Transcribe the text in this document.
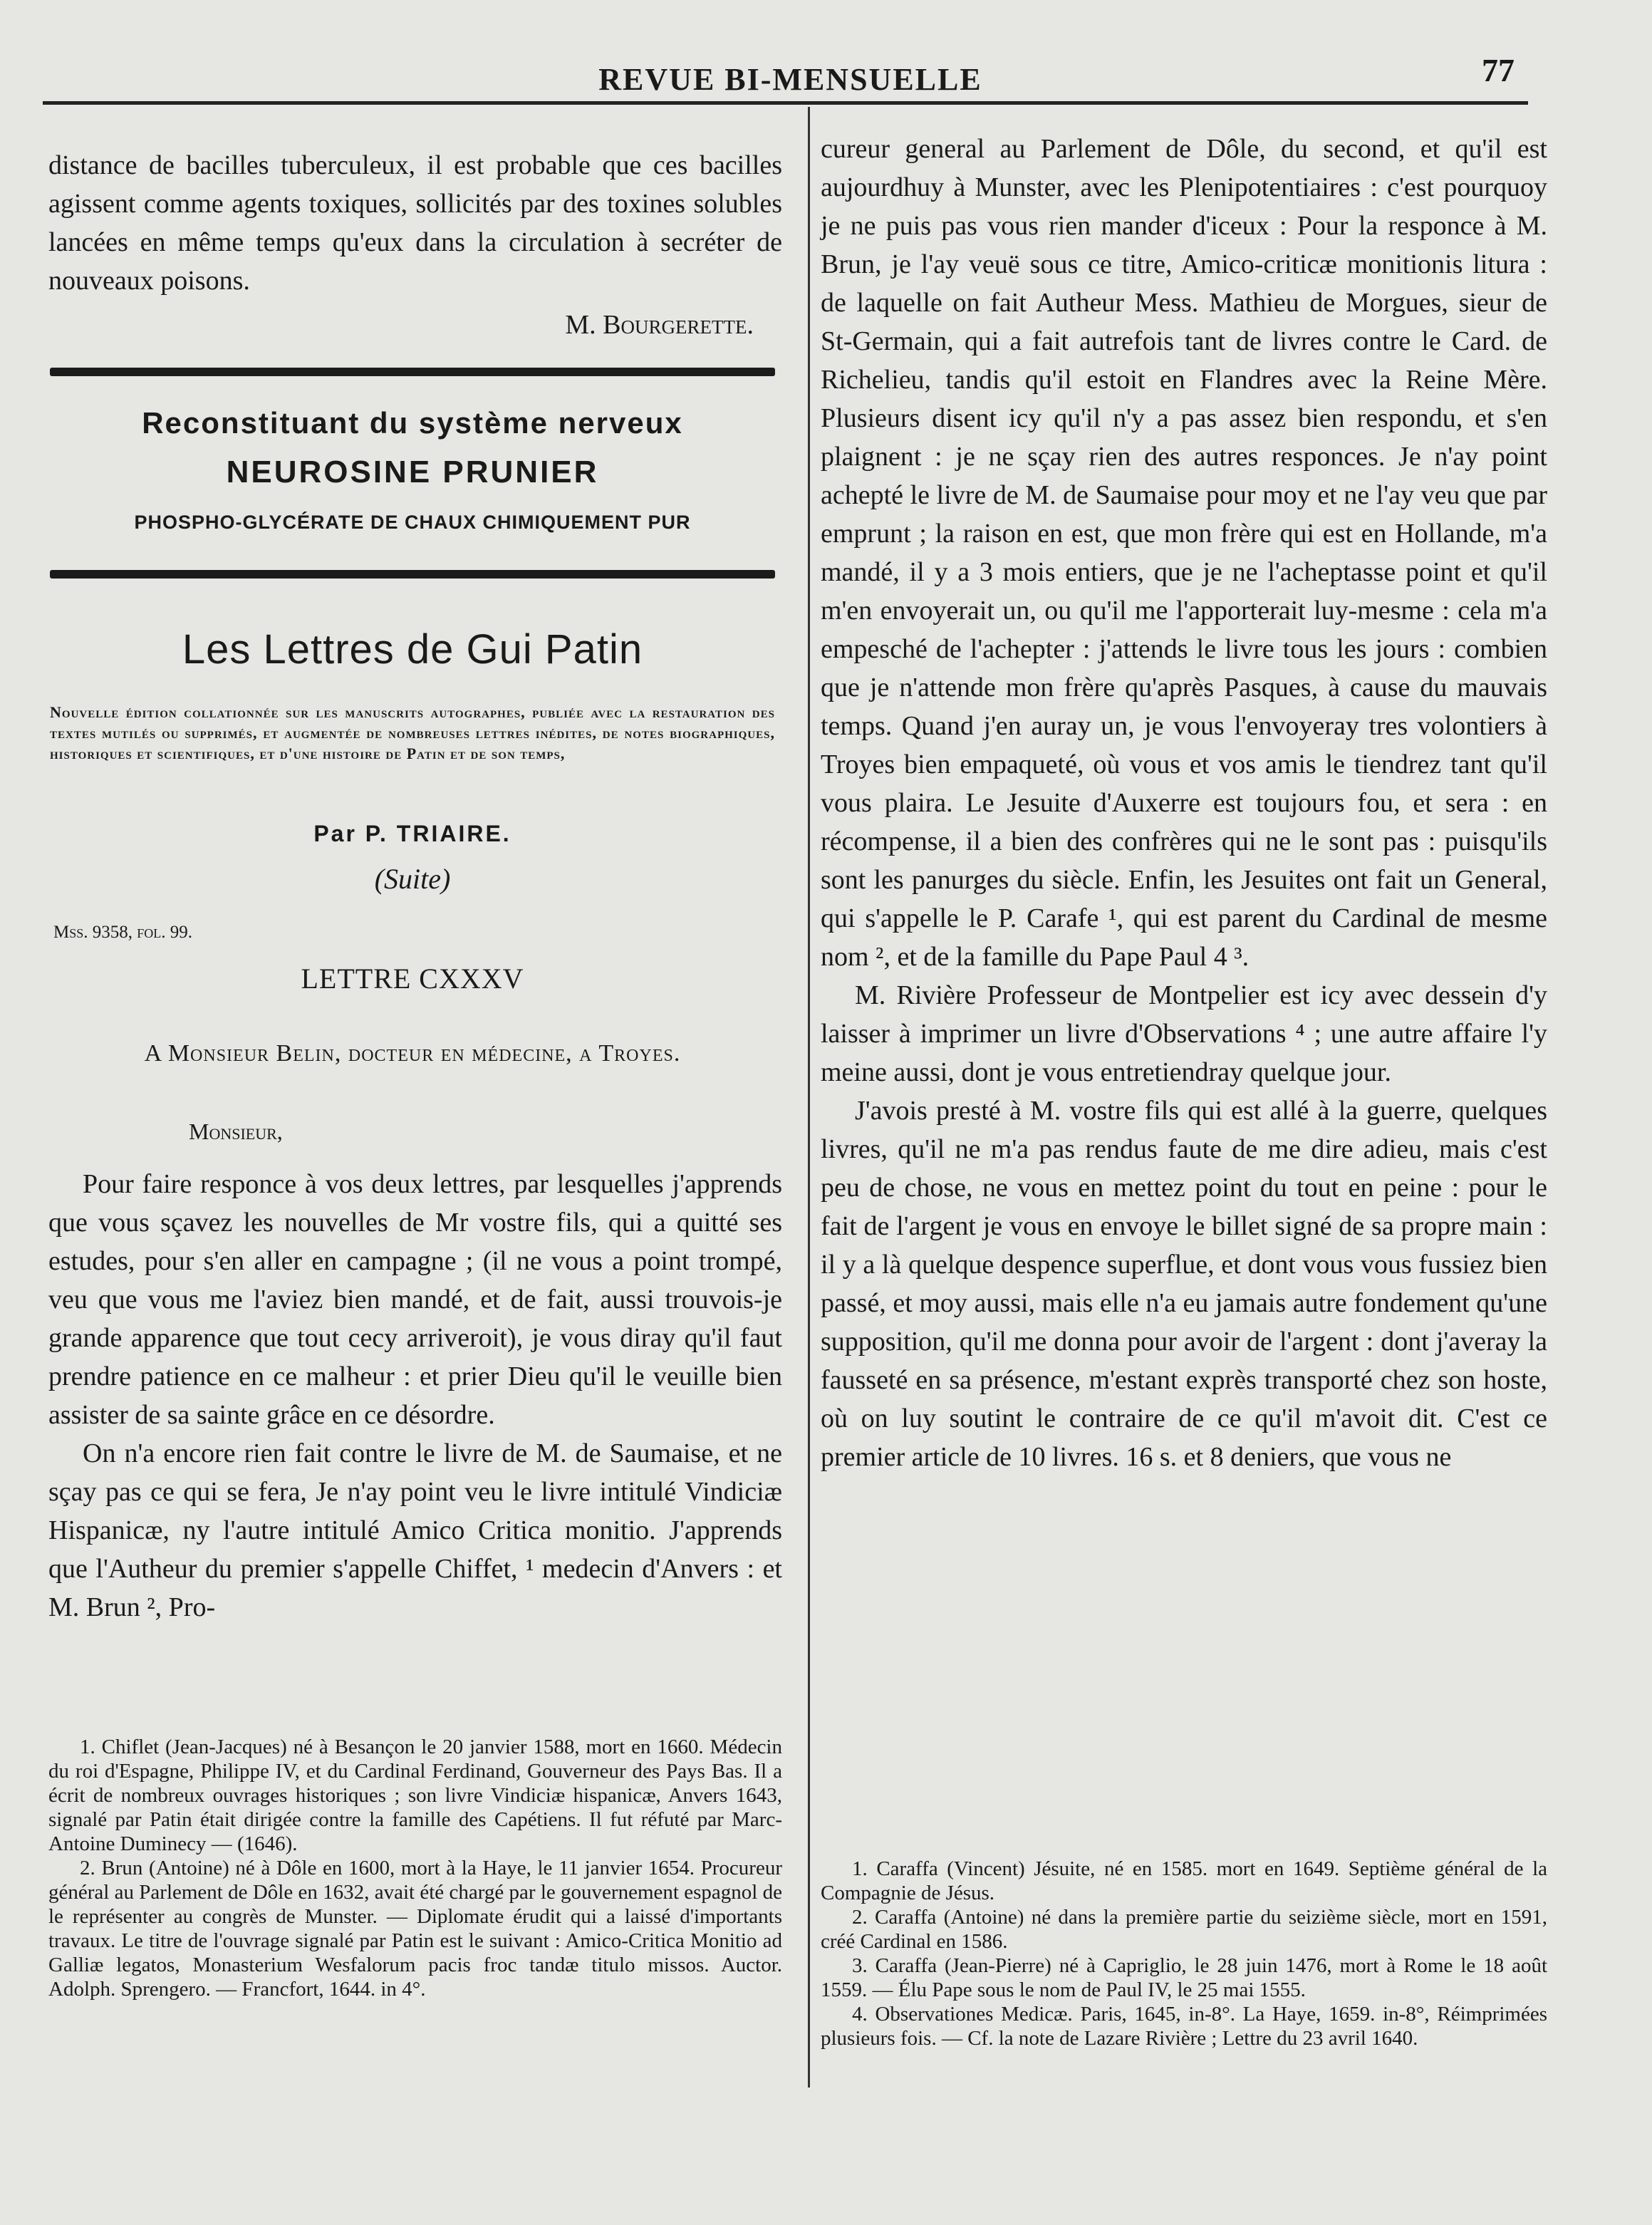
REVUE BI-MENSUELLE	77

distance de bacilles tuberculeux, il est probable que ces bacilles agissent comme agents toxiques, sollicités par des toxines solubles lancées en même temps qu'eux dans la circulation à secréter de nouveaux poisons.

M. Bourgerette.

Reconstituant du système nerveux
NEUROSINE PRUNIER
PHOSPHO-GLYCÉRATE DE CHAUX CHIMIQUEMENT PUR
Les Lettres de Gui Patin
Nouvelle édition collationnée sur les manuscrits autographes, publiée avec la restauration des textes mutilés ou supprimés, et augmentée de nombreuses lettres inédites, de notes biographiques, historiques et scientifiques, et d'une histoire de Patin et de son temps,
Par P. TRIAIRE.
(Suite)
Mss. 9358, fol. 99.
LETTRE CXXXV
A Monsieur Belin, docteur en médecine, a Troyes.
Monsieur,

Pour faire responce à vos deux lettres, par lesquelles j'apprends que vous sçavez les nouvelles de Mr vostre fils, qui a quitté ses estudes, pour s'en aller en campagne ; (il ne vous a point trompé, veu que vous me l'aviez bien mandé, et de fait, aussi trouvois-je grande apparence que tout cecy arriveroit), je vous diray qu'il faut prendre patience en ce malheur : et prier Dieu qu'il le veuille bien assister de sa sainte grâce en ce désordre.

On n'a encore rien fait contre le livre de M. de Saumaise, et ne sçay pas ce qui se fera, Je n'ay point veu le livre intitulé Vindiciæ Hispanicæ, ny l'autre intitulé Amico Critica monitio. J'apprends que l'Autheur du premier s'appelle Chiffet, ¹ medecin d'Anvers : et M. Brun ², Pro-

1. Chiflet (Jean-Jacques) né à Besançon le 20 janvier 1588, mort en 1660. Médecin du roi d'Espagne, Philippe IV, et du Cardinal Ferdinand, Gouverneur des Pays Bas. Il a écrit de nombreux ouvrages historiques ; son livre Vindiciæ hispanicæ, Anvers 1643, signalé par Patin était dirigée contre la famille des Capétiens. Il fut réfuté par Marc-Antoine Duminecy — (1646).

2. Brun (Antoine) né à Dôle en 1600, mort à la Haye, le 11 janvier 1654. Procureur général au Parlement de Dôle en 1632, avait été chargé par le gouvernement espagnol de le représenter au congrès de Munster. — Diplomate érudit qui a laissé d'importants travaux. Le titre de l'ouvrage signalé par Patin est le suivant : Amico-Critica Monitio ad Galliæ legatos, Monasterium Wesfalorum pacis froc tandæ titulo missos. Auctor. Adolph. Sprengero. — Francfort, 1644. in 4°.

cureur general au Parlement de Dôle, du second, et qu'il est aujourdhuy à Munster, avec les Plenipotentiaires : c'est pourquoy je ne puis pas vous rien mander d'iceux : Pour la responce à M. Brun, je l'ay veuë sous ce titre, Amico-criticæ monitionis litura : de laquelle on fait Autheur Mess. Mathieu de Morgues, sieur de St-Germain, qui a fait autrefois tant de livres contre le Card. de Richelieu, tandis qu'il estoit en Flandres avec la Reine Mère. Plusieurs disent icy qu'il n'y a pas assez bien respondu, et s'en plaignent : je ne sçay rien des autres responces. Je n'ay point achepté le livre de M. de Saumaise pour moy et ne l'ay veu que par emprunt ; la raison en est, que mon frère qui est en Hollande, m'a mandé, il y a 3 mois entiers, que je ne l'acheptasse point et qu'il m'en envoyerait un, ou qu'il me l'apporterait luy-mesme : cela m'a empesché de l'achepter : j'attends le livre tous les jours : combien que je n'attende mon frère qu'après Pasques, à cause du mauvais temps. Quand j'en auray un, je vous l'envoyeray tres volontiers à Troyes bien empaqueté, où vous et vos amis le tiendrez tant qu'il vous plaira. Le Jesuite d'Auxerre est toujours fou, et sera : en récompense, il a bien des confrères qui ne le sont pas : puisqu'ils sont les panurges du siècle. Enfin, les Jesuites ont fait un General, qui s'appelle le P. Carafe ¹, qui est parent du Cardinal de mesme nom ², et de la famille du Pape Paul 4 ³.

M. Rivière Professeur de Montpelier est icy avec dessein d'y laisser à imprimer un livre d'Observations ⁴ ; une autre affaire l'y meine aussi, dont je vous entretiendray quelque jour.

J'avois presté à M. vostre fils qui est allé à la guerre, quelques livres, qu'il ne m'a pas rendus faute de me dire adieu, mais c'est peu de chose, ne vous en mettez point du tout en peine : pour le fait de l'argent je vous en envoye le billet signé de sa propre main : il y a là quelque despence superflue, et dont vous vous fussiez bien passé, et moy aussi, mais elle n'a eu jamais autre fondement qu'une supposition, qu'il me donna pour avoir de l'argent : dont j'averay la fausseté en sa présence, m'estant exprès transporté chez son hoste, où on luy soutint le contraire de ce qu'il m'avoit dit. C'est ce premier article de 10 livres. 16 s. et 8 deniers, que vous ne

1. Caraffa (Vincent) Jésuite, né en 1585. mort en 1649. Septième général de la Compagnie de Jésus.

2. Caraffa (Antoine) né dans la première partie du seizième siècle, mort en 1591, créé Cardinal en 1586.

3. Caraffa (Jean-Pierre) né à Capriglio, le 28 juin 1476, mort à Rome le 18 août 1559. — Élu Pape sous le nom de Paul IV, le 25 mai 1555.

4. Observationes Medicæ. Paris, 1645, in-8°. La Haye, 1659. in-8°, Réimprimées plusieurs fois. — Cf. la note de Lazare Rivière ; Lettre du 23 avril 1640.
